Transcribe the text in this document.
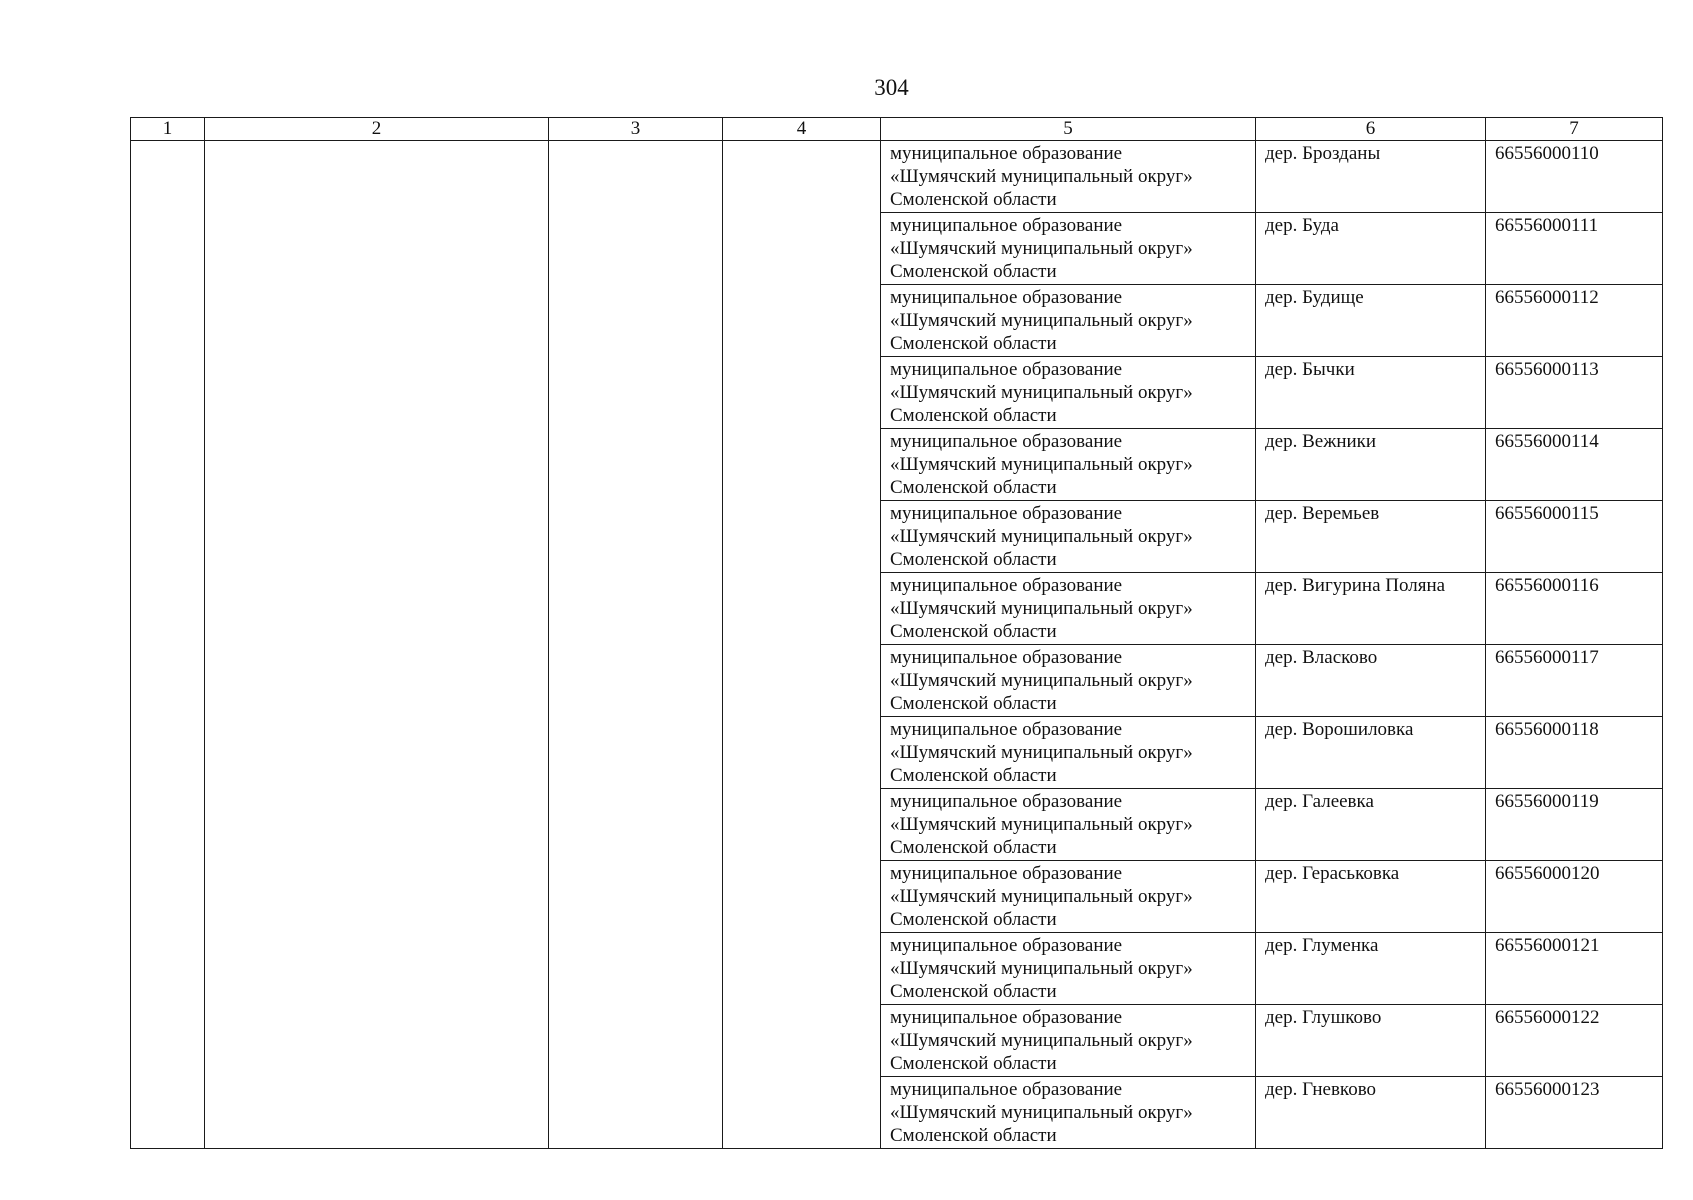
304
1	2	3	4	5	6	7

				муниципальное образование
«Шумячский муниципальный округ»
Смоленской области	дер. Брозданы	66556000110

				муниципальное образование
«Шумячский муниципальный округ»
Смоленской области	дер. Буда	66556000111

				муниципальное образование
«Шумячский муниципальный округ»
Смоленской области	дер. Будище	66556000112

				муниципальное образование
«Шумячский муниципальный округ»
Смоленской области	дер. Бычки	66556000113

				муниципальное образование
«Шумячский муниципальный округ»
Смоленской области	дер. Вежники	66556000114

				муниципальное образование
«Шумячский муниципальный округ»
Смоленской области	дер. Веремьев	66556000115

				муниципальное образование
«Шумячский муниципальный округ»
Смоленской области	дер. Вигурина Поляна	66556000116

				муниципальное образование
«Шумячский муниципальный округ»
Смоленской области	дер. Власково	66556000117

				муниципальное образование
«Шумячский муниципальный округ»
Смоленской области	дер. Ворошиловка	66556000118

				муниципальное образование
«Шумячский муниципальный округ»
Смоленской области	дер. Галеевка	66556000119

				муниципальное образование
«Шумячский муниципальный округ»
Смоленской области	дер. Гераськовка	66556000120

				муниципальное образование
«Шумячский муниципальный округ»
Смоленской области	дер. Глуменка	66556000121

				муниципальное образование
«Шумячский муниципальный округ»
Смоленской области	дер. Глушково	66556000122

				муниципальное образование
«Шумячский муниципальный округ»
Смоленской области	дер. Гневково	66556000123
